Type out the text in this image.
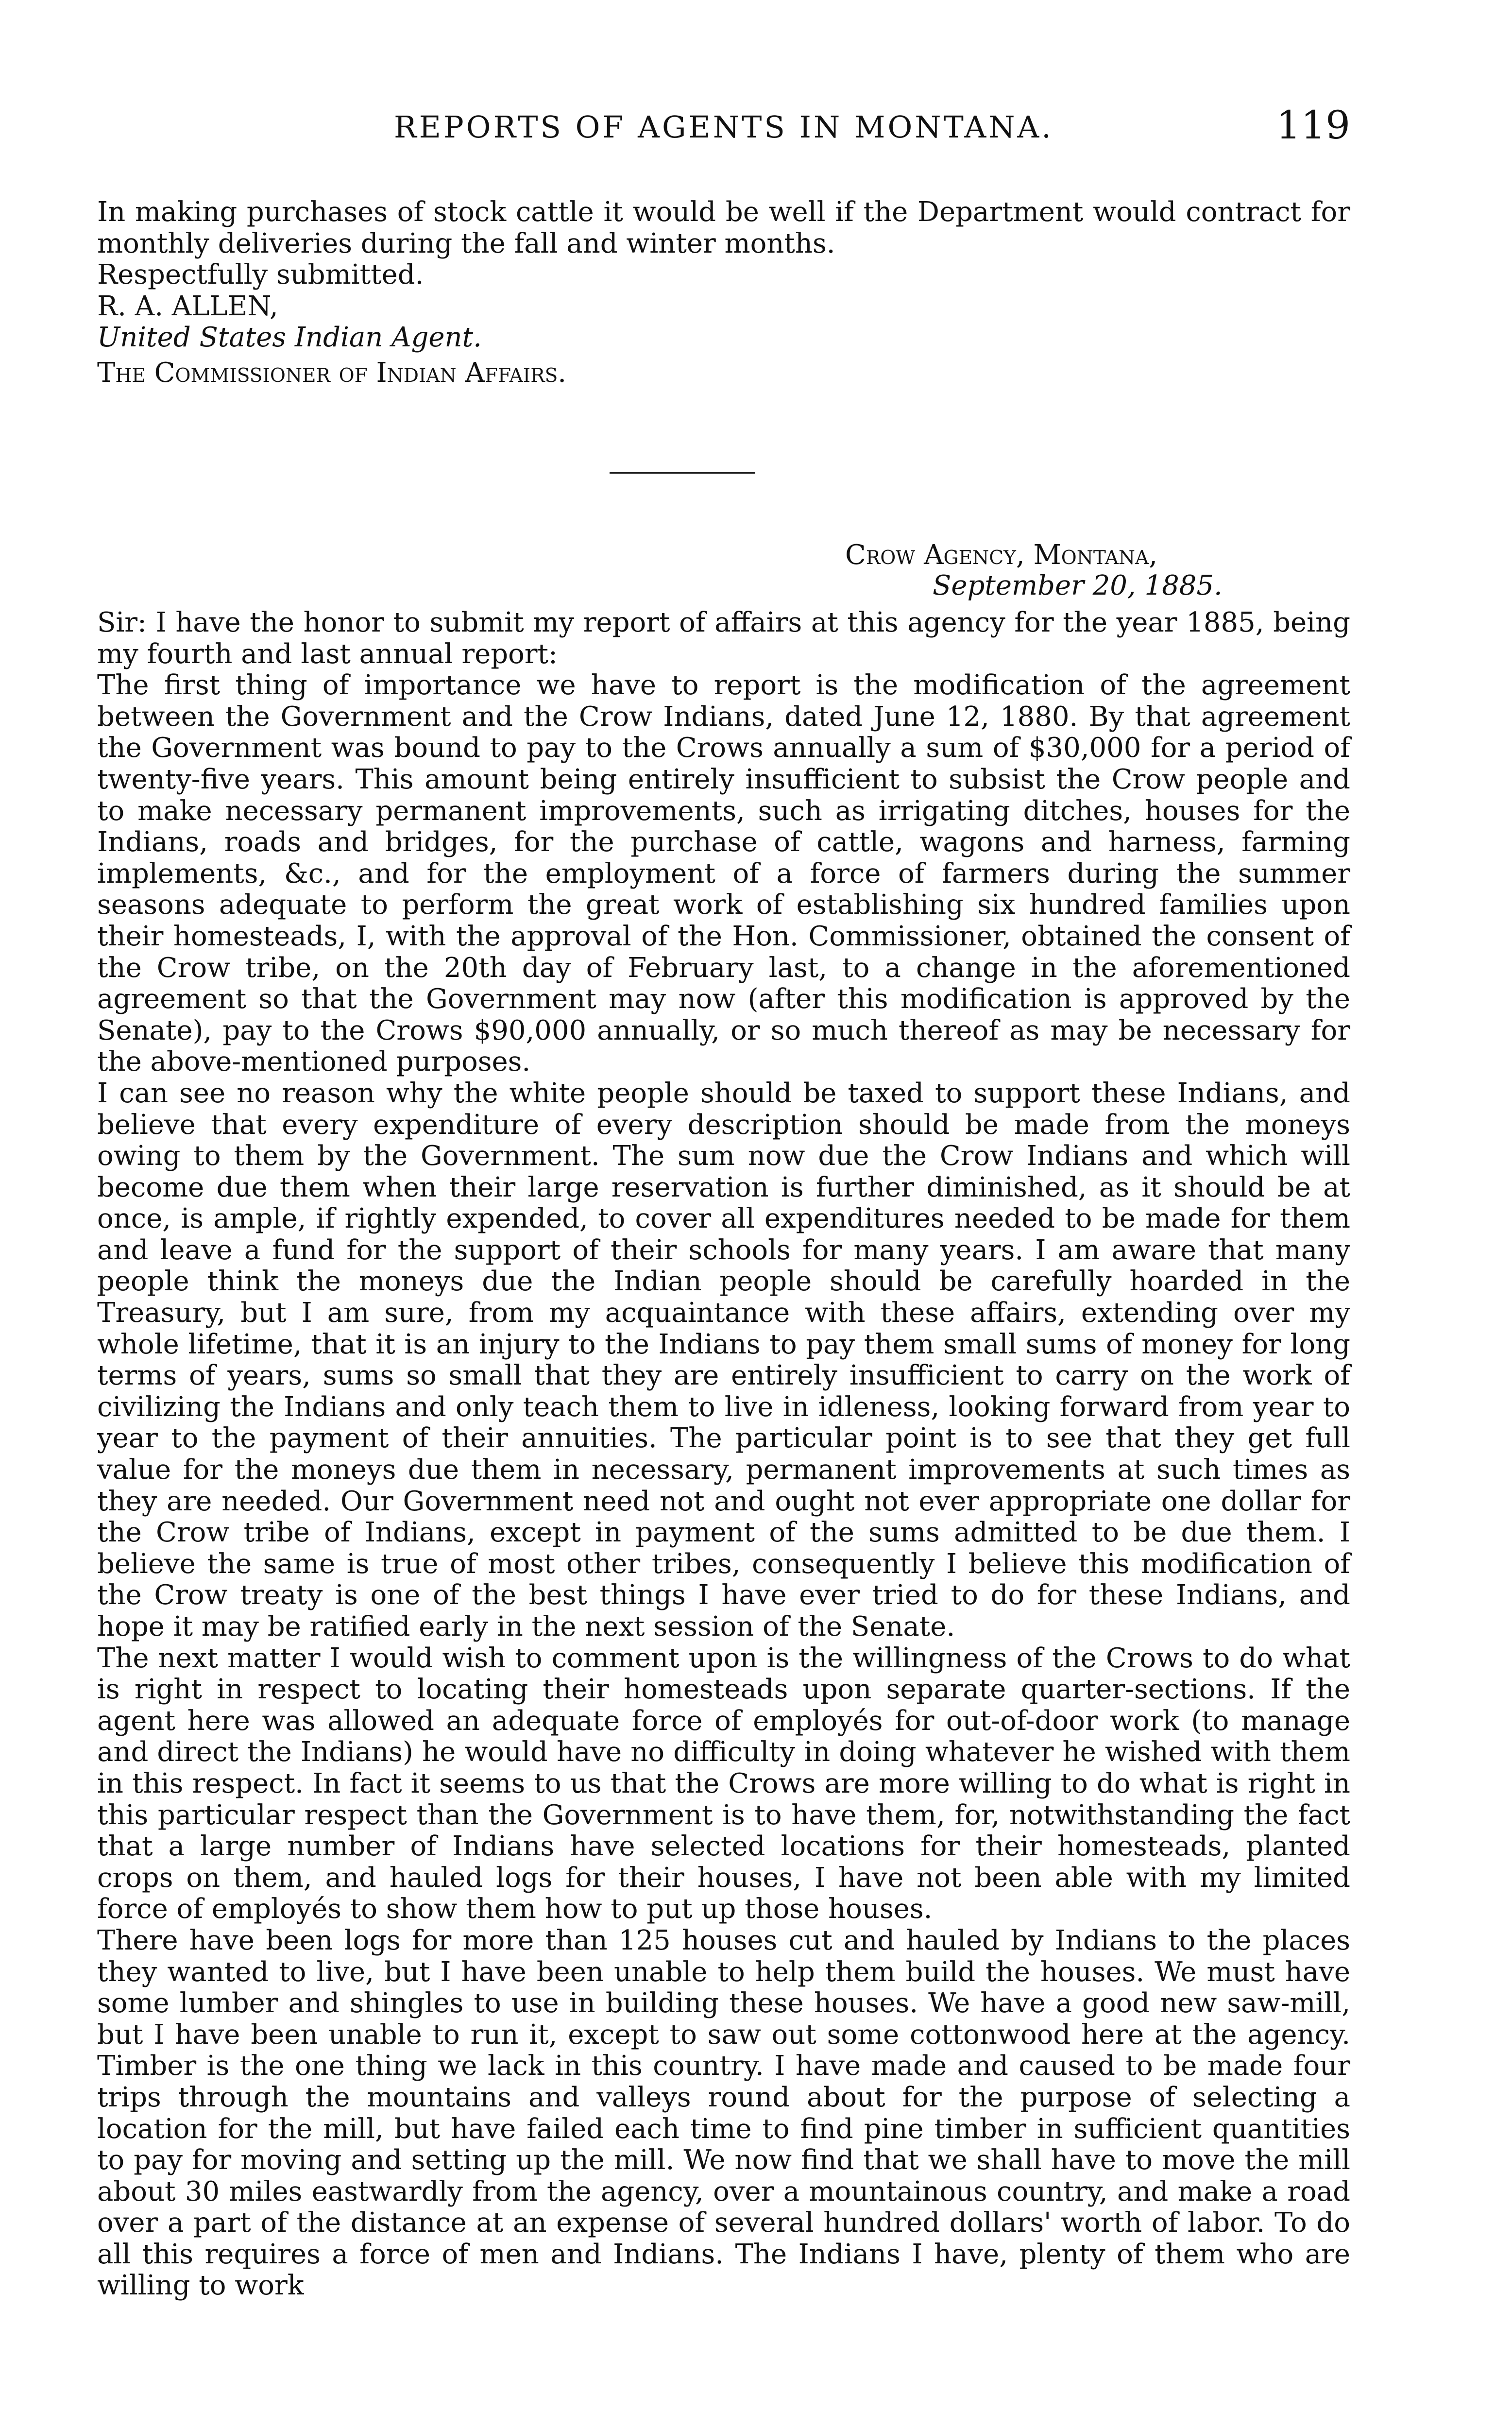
REPORTS OF AGENTS IN MONTANA.	119

In making purchases of stock cattle it would be well if the Department would contract for monthly deliveries during the fall and winter months.

Respectfully submitted.

R. A. ALLEN,

United States Indian Agent.

The Commissioner of Indian Affairs.
Crow Agency, Montana,
September 20, 1885.

Sir: I have the honor to submit my report of affairs at this agency for the year 1885, being my fourth and last annual report:

The first thing of importance we have to report is the modification of the agreement between the Government and the Crow Indians, dated June 12, 1880. By that agreement the Government was bound to pay to the Crows annually a sum of $30,000 for a period of twenty-five years. This amount being entirely insufficient to subsist the Crow people and to make necessary permanent improvements, such as irrigating ditches, houses for the Indians, roads and bridges, for the purchase of cattle, wagons and harness, farming implements, &c., and for the employment of a force of farmers during the summer seasons adequate to perform the great work of establishing six hundred families upon their homesteads, I, with the approval of the Hon. Commissioner, obtained the consent of the Crow tribe, on the 20th day of February last, to a change in the aforementioned agreement so that the Government may now (after this modification is approved by the Senate), pay to the Crows $90,000 annually, or so much thereof as may be necessary for the above-mentioned purposes.

I can see no reason why the white people should be taxed to support these Indians, and believe that every expenditure of every description should be made from the moneys owing to them by the Government. The sum now due the Crow Indians and which will become due them when their large reservation is further diminished, as it should be at once, is ample, if rightly expended, to cover all expenditures needed to be made for them and leave a fund for the support of their schools for many years. I am aware that many people think the moneys due the Indian people should be carefully hoarded in the Treasury, but I am sure, from my acquaintance with these affairs, extending over my whole lifetime, that it is an injury to the Indians to pay them small sums of money for long terms of years, sums so small that they are entirely insufficient to carry on the work of civilizing the Indians and only teach them to live in idleness, looking forward from year to year to the payment of their annuities. The particular point is to see that they get full value for the moneys due them in necessary, permanent improvements at such times as they are needed. Our Government need not and ought not ever appropriate one dollar for the Crow tribe of Indians, except in payment of the sums admitted to be due them. I believe the same is true of most other tribes, consequently I believe this modification of the Crow treaty is one of the best things I have ever tried to do for these Indians, and hope it may be ratified early in the next session of the Senate.

The next matter I would wish to comment upon is the willingness of the Crows to do what is right in respect to locating their homesteads upon separate quarter-sections. If the agent here was allowed an adequate force of employés for out-of-door work (to manage and direct the Indians) he would have no difficulty in doing whatever he wished with them in this respect. In fact it seems to us that the Crows are more willing to do what is right in this particular respect than the Government is to have them, for, notwithstanding the fact that a large number of Indians have selected locations for their homesteads, planted crops on them, and hauled logs for their houses, I have not been able with my limited force of employés to show them how to put up those houses.

There have been logs for more than 125 houses cut and hauled by Indians to the places they wanted to live, but I have been unable to help them build the houses. We must have some lumber and shingles to use in building these houses. We have a good new saw-mill, but I have been unable to run it, except to saw out some cottonwood here at the agency. Timber is the one thing we lack in this country. I have made and caused to be made four trips through the mountains and valleys round about for the purpose of selecting a location for the mill, but have failed each time to find pine timber in sufficient quantities to pay for moving and setting up the mill. We now find that we shall have to move the mill about 30 miles eastwardly from the agency, over a mountainous country, and make a road over a part of the distance at an expense of several hundred dollars' worth of labor. To do all this requires a force of men and Indians. The Indians I have, plenty of them who are willing to work
